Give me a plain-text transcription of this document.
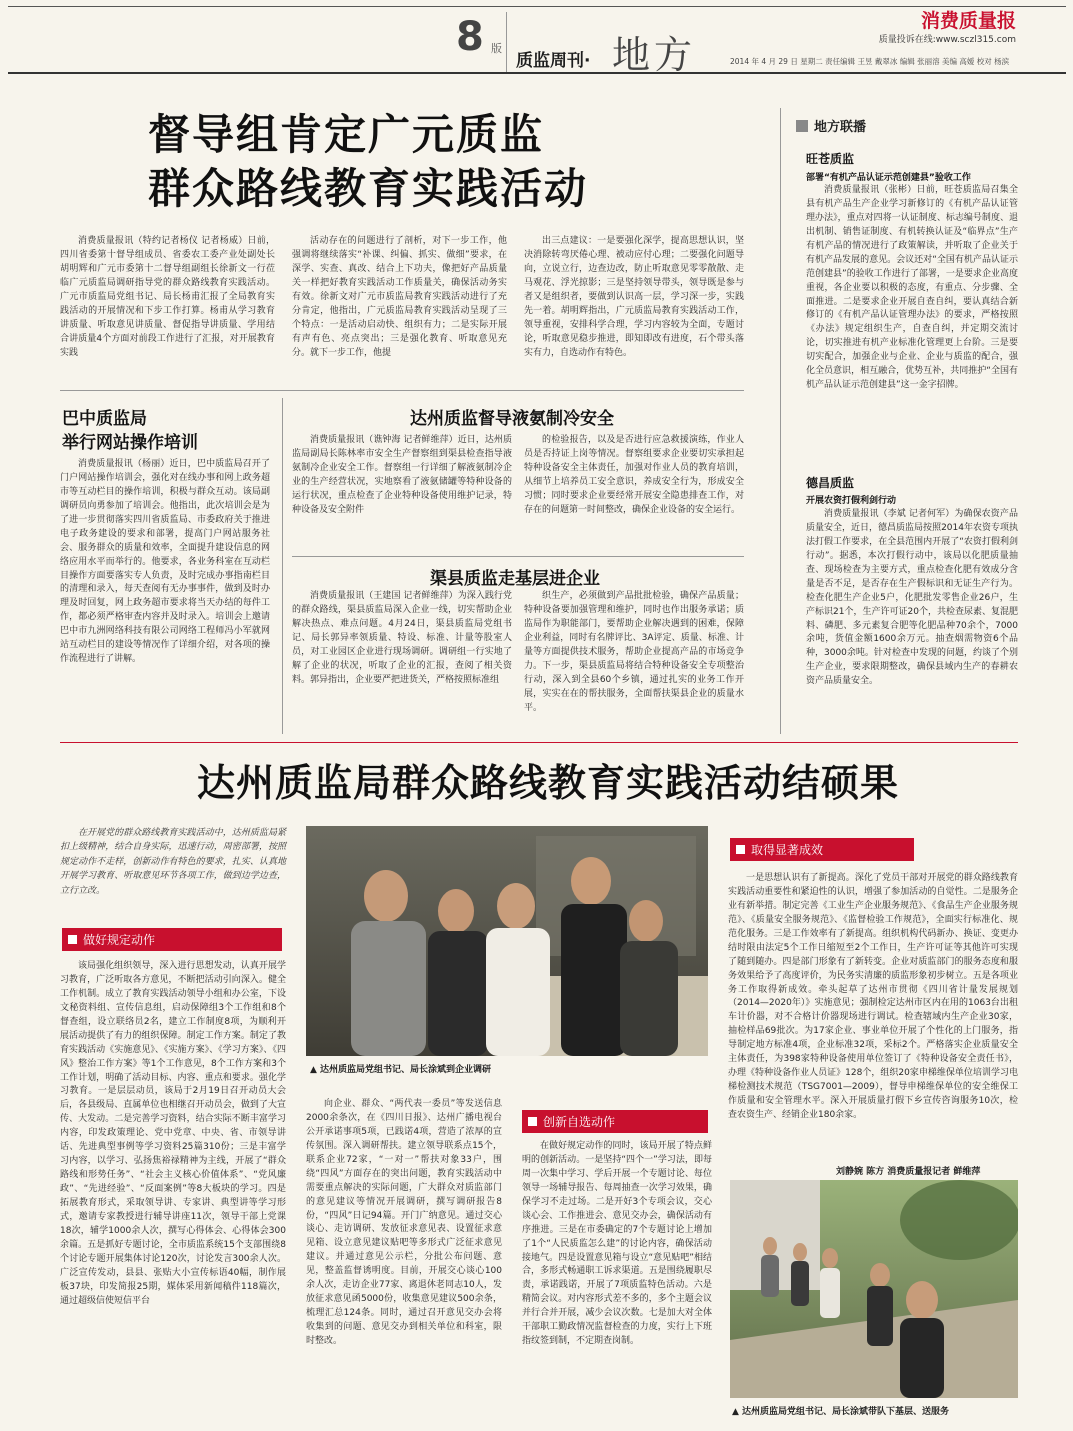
8 版
质监周刊· 地方
消费质量报
质量投诉在线:www.sczl315.com
2014 年 4 月 29 日 星期二 责任编辑 王昱 戴翠冰 编辑 张丽溶 美编 高嫒 校对 杨滨
督导组肯定广元质监
群众路线教育实践活动

消费质量报讯（特约记者杨仪 记者杨威）日前，四川省委第十督导组成员、省委农工委产业处副处长胡明辉和广元市委第十二督导组副组长徐新文一行莅临广元质监局调研指导党的群众路线教育实践活动。广元市质监局党组书记、局长杨甫汇报了全局教育实践活动的开展情况和下步工作打算。杨甫从学习教育讲质量、听取意见讲质量、督促指导讲质量、学用结合讲质量4个方面对前段工作进行了汇报，对开展教育实践

活动存在的问题进行了剖析，对下一步工作，他强调将继续落实“补课、纠偏、抓实、做细”要求，在深学、实查、真改、结合上下功夫，像把好产品质量关一样把好教育实践活动工作质量关，确保活动务实有效。徐新文对广元市质监局教育实践活动进行了充分肯定，他指出，广元质监局教育实践活动呈现了三个特点：一是活动启动快、组织有力；二是实际开展有声有色、亮点突出；三是强化教育、听取意见充分。就下一步工作，他提

出三点建议：一是要强化深学，提高思想认识，坚决消除转弯厌倦心理、被动应付心理；二要强化问题导向，立说立行，边查边改，防止听取意见零零散散、走马观花、浮光掠影；三是坚持领导带头，领导既是参与者又是组织者，要做到认识高一层，学习深一步，实践先一着。胡明辉指出，广元质监局教育实践活动工作，领导重视，安排科学合理，学习内容较为全面，专题讨论，听取意见稳步推进，即知即改有进度，石个带头落实有力，自选动作有特色。

巴中质监局
举行网站操作培训

消费质量报讯（杨丽）近日，巴中质监局召开了门户网站操作培训会，强化对在线办事和网上政务超市等互动栏目的操作培训，积极与群众互动。该局副调研员向勇参加了培训会。他指出，此次培训会是为了进一步贯彻落实四川省质监局、市委政府关于推进电子政务建设的要求和部署，提高门户网站服务社会、服务群众的质量和效率，全面提升建设信息的网络应用水平而举行的。他要求，各业务科室在互动栏目操作方面要落实专人负责，及时完成办事指南栏目的清理和录入，每天查阅有无办事事件，做到及时办理及时回复，网上政务超市要求将当天办结的每件工作，都必须严格审查内容并及时录入。培训会上邀请巴中市九洲网络科技有限公司网络工程师冯小军就网站互动栏目的建设等情况作了详细介绍，对各项的操作流程进行了讲解。

达州质监督导液氨制冷安全

消费质量报讯（谯钟海 记者鲜维萍）近日，达州质监局副局长陈林率市安全生产督察组到渠县检查指导液氨制冷企业安全工作。督察组一行详细了解液氨制冷企业的生产经营状况，实地察看了液氨储罐等特种设备的运行状况，重点检查了企业特种设备使用维护记录，特种设备及安全附件

的检验报告，以及是否进行应急救援演练，作业人员是否持证上岗等情况。督察组要求企业要切实承担起特种设备安全主体责任，加强对作业人员的教育培训，从细节上培养员工安全意识，养成安全行为，形成安全习惯；同时要求企业要经常开展安全隐患排查工作，对存在的问题第一时间整改，确保企业设备的安全运行。

渠县质监走基层进企业

消费质量报讯（王建国 记者鲜维萍）为深入践行党的群众路线，渠县质监局深入企业一线，切实帮助企业解决热点、难点问题。4月24日，渠县质监局党组书记、局长郭异率领质量、特设、标准、计量等股室人员，对工业园区企业进行现场调研。调研组一行实地了解了企业的状况，听取了企业的汇报，查阅了相关资料。郭异指出，企业要严把进货关，严格按照标准组

织生产，必须做到产品批批检验，确保产品质量；特种设备要加强管理和维护，同时也作出服务承诺；质监局作为职能部门，要帮助企业解决遇到的困难，保障企业利益，同时有名牌评比、3A评定、质量、标准、计量等方面提供技术服务，帮助企业提高产品的市场竞争力。下一步，渠县质监局将结合特种设备安全专项整治行动，深入到全县60个乡镇，通过扎实的业务工作开展，实实在在的帮扶服务，全面帮扶渠县企业的质量水平。

地方联播
旺苍质监
部署“有机产品认证示范创建县”验收工作

消费质量报讯（张彬）日前，旺苍质监局召集全县有机产品生产企业学习新修订的《有机产品认证管理办法》，重点对四将一认证制度、标志编号制度、退出机制、销售证制度、有机转换认证及“临界点”生产有机产品的情况进行了政策解读，并听取了企业关于有机产品发展的意见。会议还对“全国有机产品认证示范创建县”的验收工作进行了部署，一是要求企业高度重视，各企业要以积极的态度，有重点、分步骤、全面推进。二是要求企业开展自查自纠，要认真结合新修订的《有机产品认证管理办法》的要求，严格按照《办法》规定组织生产，自查自纠，并定期交流讨论，切实推进有机产业标准化管理更上台阶。三是要切实配合，加强企业与企业、企业与质监的配合，强化全员意识，相互融合，优势互补，共同推护“全国有机产品认证示范创建县”这一金字招牌。

德昌质监
开展农资打假利剑行动

消费质量报讯（李斌 记者何军）为确保农资产品质量安全，近日，德昌质监局按照2014年农资专项执法打假工作要求，在全县范围内开展了“农资打假利剑行动”。据悉，本次打假行动中，该局以化肥质量抽查、现场检查为主要方式，重点检查化肥有效成分含量是否不足，是否存在生产假标识和无证生产行为。检查化肥生产企业5户，化肥批发零售企业26户，生产标识21个，生产许可证20个，共检查尿素、复混肥料、磷肥、多元素复合肥等化肥品种70余个，7000余吨，货值金额1600余万元。抽查烟需物资6个品种，3000余吨。针对检查中发现的问题，约谈了个别生产企业，要求限期整改，确保县域内生产的春耕农资产品质量安全。

达州质监局群众路线教育实践活动结硕果

在开展党的群众路线教育实践活动中，达州质监局紧扣上级精神，结合自身实际，迅速行动，周密部署，按照规定动作不走样，创新动作有特色的要求，扎实、认真地开展学习教育、听取意见环节各项工作，做到边学边查，立行立改。

做好规定动作

该局强化组织领导，深入进行思想发动，认真开展学习教育，广泛听取各方意见，不断把活动引向深入。健全工作机制。成立了教育实践活动领导小组和办公室，下设文秘资料组、宣传信息组，启动保障组3个工作组和8个督查组，设立联络员2名，建立工作制度8项，为顺利开展活动提供了有力的组织保障。制定工作方案。制定了教育实践活动《实施意见》、《实施方案》、《学习方案》、《四风》整治工作方案》等1个工作意见，8个工作方案和3个工作计划，明确了活动目标、内容、重点和要求。强化学习教育。一是层层动员，该局于2月19日召开动员大会后，各县级局、直属单位也相继召开动员会，做到了大宣传、大发动。二是完善学习资料，结合实际不断丰富学习内容，印发政策理论、党中党章、中央、省、市领导讲话、先进典型事例等学习资料25篇310份；三是丰富学习内容，以学习、弘扬焦裕禄精神为主线，开展了“群众路线和形势任务”、“社会主义核心价值体系”、“党风廉政”、“先进经验”、“反面案例”等8大板块的学习。四是拓展教育形式，采取领导讲、专家讲、典型讲等学习形式，邀请专家教授进行辅导讲座11次，领导干部上党课18次，辅学1000余人次，撰写心得体会、心得体会300余篇。五是抓好专题讨论，全市质监系统15个支部围绕8个讨论专题开展集体讨论120次，讨论发言300余人次。广泛宣传发动，县县、张贴大小宣传标语40幅，制作展板37块，印发简报25期，媒体采用新闻稿件118篇次，通过超级信使短信平台

▲ 达州质监局党组书记、局长涂斌到企业调研

向企业、群众、“两代表一委员”等发送信息2000余条次，在《四川日报》、达州广播电视台公开承诺事项5项，已践诺4项，营造了浓厚的宣传氛围。深入调研帮扶。建立领导联系点15个，联系企业72家，“一对一”帮扶对象33户，围绕“四风”方面存在的突出问题，教育实践活动中需要重点解决的实际问题，广大群众对质监部门的意见建议等情况开展调研，撰写调研报告8份，“四风”日记94篇。开门广纳意见。通过交心谈心、走访调研、发放征求意见表、设置征求意见箱、设立意见建议贴吧等多形式广泛征求意见建议。并通过意见公示栏，分批公布问题、意见，整盖监督诱明度。目前，开展交心谈心100余人次，走访企业77家、离退休老同志10人，发放征求意见函5000份，收集意见建议500余条，梳理汇总124条。同时，通过召开意见交办会将收集到的问题、意见交办到相关单位和科室，限时整改。

创新自选动作

在做好规定动作的同时，该局开展了特点鲜明的创新活动。一是坚持“四个一”学习法，即每周一次集中学习、学后开展一个专题讨论、每位领导一场辅导报告、每周抽查一次学习效果，确保学习不走过场。二是开好3个专项会议，交心谈心会、工作推进会、意见交办会，确保活动有序推进。三是在市委确定的7个专题讨论上增加了1个“人民质监怎么建”的讨论内容，确保活动接地气。四是设置意见箱与设立“意见贴吧”相结合，多形式畅通职工诉求渠道。五是围绕履职尽责，承诺践诺，开展了7项质监特色活动。六是精简会议。对内容形式差不多的，多个主题会议并行合并开展，减少会议次数。七是加大对全体干部职工勤政情况监督检查的力度，实行上下班指纹签到制，不定期查岗制。

取得显著成效

一是思想认识有了新提高。深化了党员干部对开展党的群众路线教育实践活动重要性和紧迫性的认识，增强了参加活动的自觉性。二是服务企业有新举措。制定完善《工业生产企业服务规范》、《食品生产企业服务规范》、《质量安全服务规范》、《监督检验工作规范》，全面实行标准化、规范化服务。三是工作效率有了新提高。组织机构代码新办、换证、变更办结时限由法定5个工作日缩短至2个工作日，生产许可证等其他许可实现了随到随办。四是部门形象有了新转变。企业对质监部门的服务态度和服务效果给予了高度评价，为民务实清廉的质监形象初步树立。五是各项业务工作取得新成效。牵头起草了达州市贯彻《四川省计量发展规划（2014—2020年）》实施意见；强制检定达州市区内在用的1063台出租车计价器，对不合格计价器现场进行调试。检查辖域内生产企业30家，抽检样品69批次。为17家企业、事业单位开展了个性化的上门服务，指导制定地方标准4项，企业标准32项，采标2个。严格落实企业质量安全主体责任，为398家特种设备使用单位签订了《特种设备安全责任书》，办理《特种设备作业人员证》128个，组织20家申梯维保单位培训学习电梯检测技术规范（TSG7001—2009），督导申梯维保单位的安全维保工作质量和安全管理水平。深入开展质量打假下乡宣传咨询服务10次，检查农资生产、经销企业180余家。

刘静婉 陈方 消费质量报记者 鲜维萍
▲ 达州质监局党组书记、局长涂斌带队下基层、送服务
